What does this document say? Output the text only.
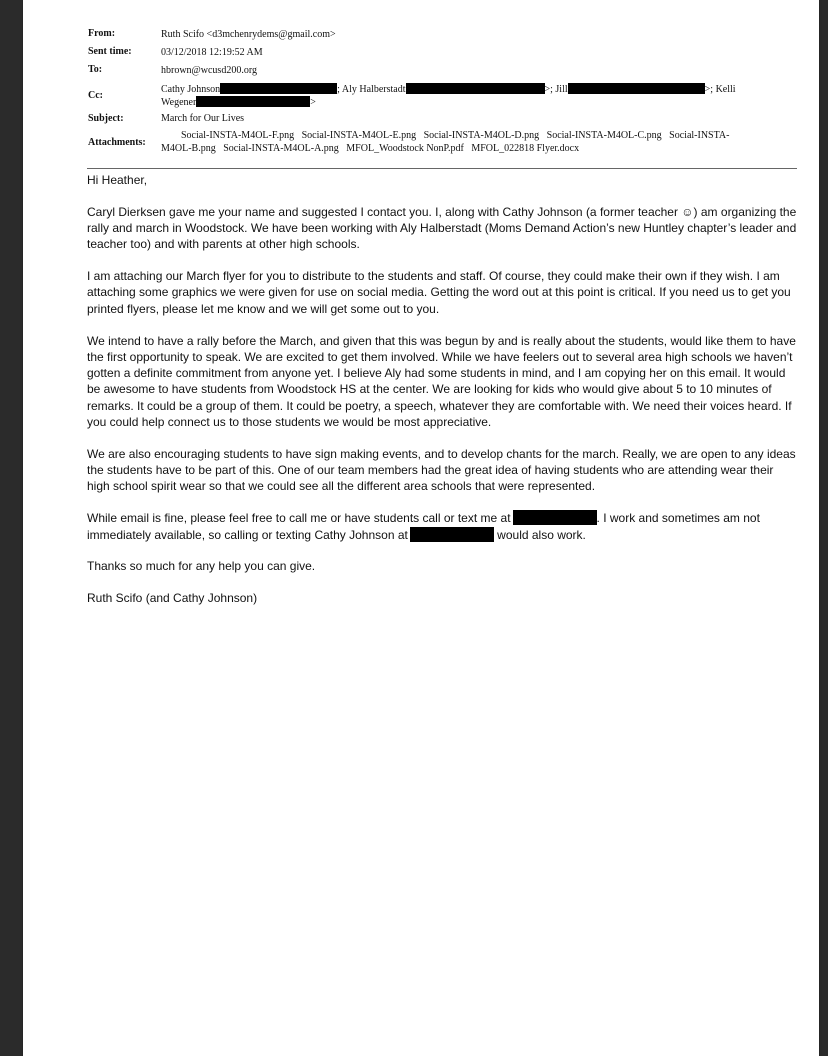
From:	Ruth Scifo <d3mchenrydems@gmail.com>
Sent time:	03/12/2018 12:19:52 AM
To:	hbrown@wcusd200.org
Cc:
Cathy Johnson	; Aly Halberstadt	>; Jill	>; Kelli
Wegener	>
Subject:	March for Our Lives
Attachments:

Social-INSTA-M4OL-F.png   Social-INSTA-M4OL-E.png   Social-INSTA-M4OL-D.png   Social-INSTA-M4OL-C.png   Social-INSTA-
M4OL-B.png   Social-INSTA-M4OL-A.png   MFOL_Woodstock NonP.pdf   MFOL_022818 Flyer.docx

Hi Heather,

Caryl Dierksen gave me your name and suggested I contact you. I, along with Cathy Johnson (a former teacher ☺) am organizing the rally and march in Woodstock. We have been working with Aly Halberstadt (Moms Demand Action’s new Huntley chapter’s leader and teacher too) and with parents at other high schools.

I am attaching our March flyer for you to distribute to the students and staff. Of course, they could make their own if they wish. I am attaching some graphics we were given for use on social media. Getting the word out at this point is critical. If you need us to get you printed flyers, please let me know and we will get some out to you.

We intend to have a rally before the March, and given that this was begun by and is really about the students, would like them to have the first opportunity to speak. We are excited to get them involved. While we have feelers out to several area high schools we haven’t gotten a definite commitment from anyone yet. I believe Aly had some students in mind, and I am copying her on this email. It would be awesome to have students from Woodstock HS at the center. We are looking for kids who would give about 5 to 10 minutes of remarks. It could be a group of them. It could be poetry, a speech, whatever they are comfortable with. We need their voices heard. If you could help connect us to those students we would be most appreciative.

We are also encouraging students to have sign making events, and to develop chants for the march. Really, we are open to any ideas the students have to be part of this. One of our team members had the great idea of having students who are attending wear their high school spirit wear so that we could see all the different area schools that were represented.

While email is fine, please feel free to call me or have students call or text me at	. I work and sometimes am not immediately available, so calling or texting Cathy Johnson at	would also work.

Thanks so much for any help you can give.

Ruth Scifo (and Cathy Johnson)
